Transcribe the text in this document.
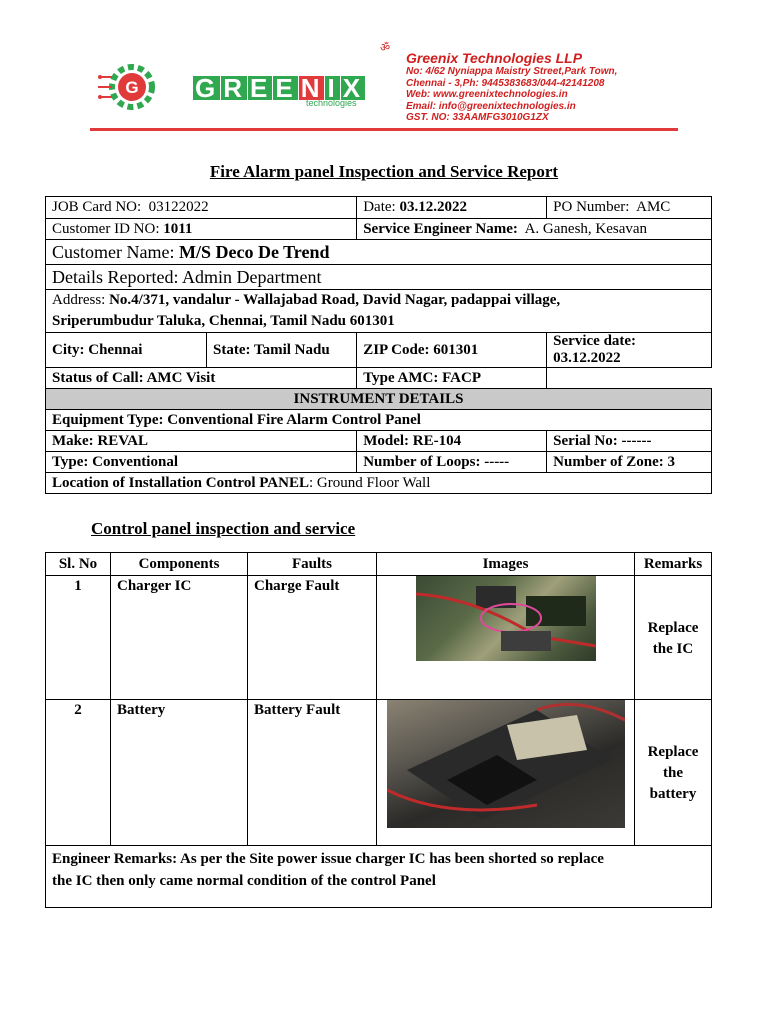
G G R E E N I X
technologies
ॐ
Greenix Technologies LLP
No: 4/62 Nyniappa Maistry Street,Park Town,
Chennai - 3,Ph: 9445383683/044-42141208
Web: www.greenixtechnologies.in
Email: info@greenixtechnologies.in
GST. NO: 33AAMFG3010G1ZX
Fire Alarm panel Inspection and Service Report
JOB Card NO: 03122022		Date: 03.12.2022	PO Number: AMC
Customer ID NO: 1011		Service Engineer Name: A. Ganesh, Kesavan	
Customer Name: M/S Deco De Trend			
Details Reported: Admin Department			
Address: No.4/371, vandalur - Wallajabad Road, David Nagar, padappai village,
Sriperumbudur Taluka, Chennai, Tamil Nadu 601301			
City: Chennai	State: Tamil Nadu	ZIP Code: 601301	Service date: 03.12.2022
Status of Call: AMC Visit		Type AMC: FACP	
INSTRUMENT DETAILS			
Equipment Type: Conventional Fire Alarm Control Panel			
Make: REVAL		Model: RE-104	Serial No: ------
Type: Conventional		Number of Loops: -----	Number of Zone: 3
Location of Installation Control PANEL: Ground Floor Wall			
Control panel inspection and service
Sl. No	Components	Faults	Images	Remarks
1	Charger IC	Charge Fault		Replace
the IC
2	Battery	Battery Fault		Replace
the
battery
Engineer Remarks: As per the Site power issue charger IC has been shorted so replace
the IC then only came normal condition of the control Panel				
